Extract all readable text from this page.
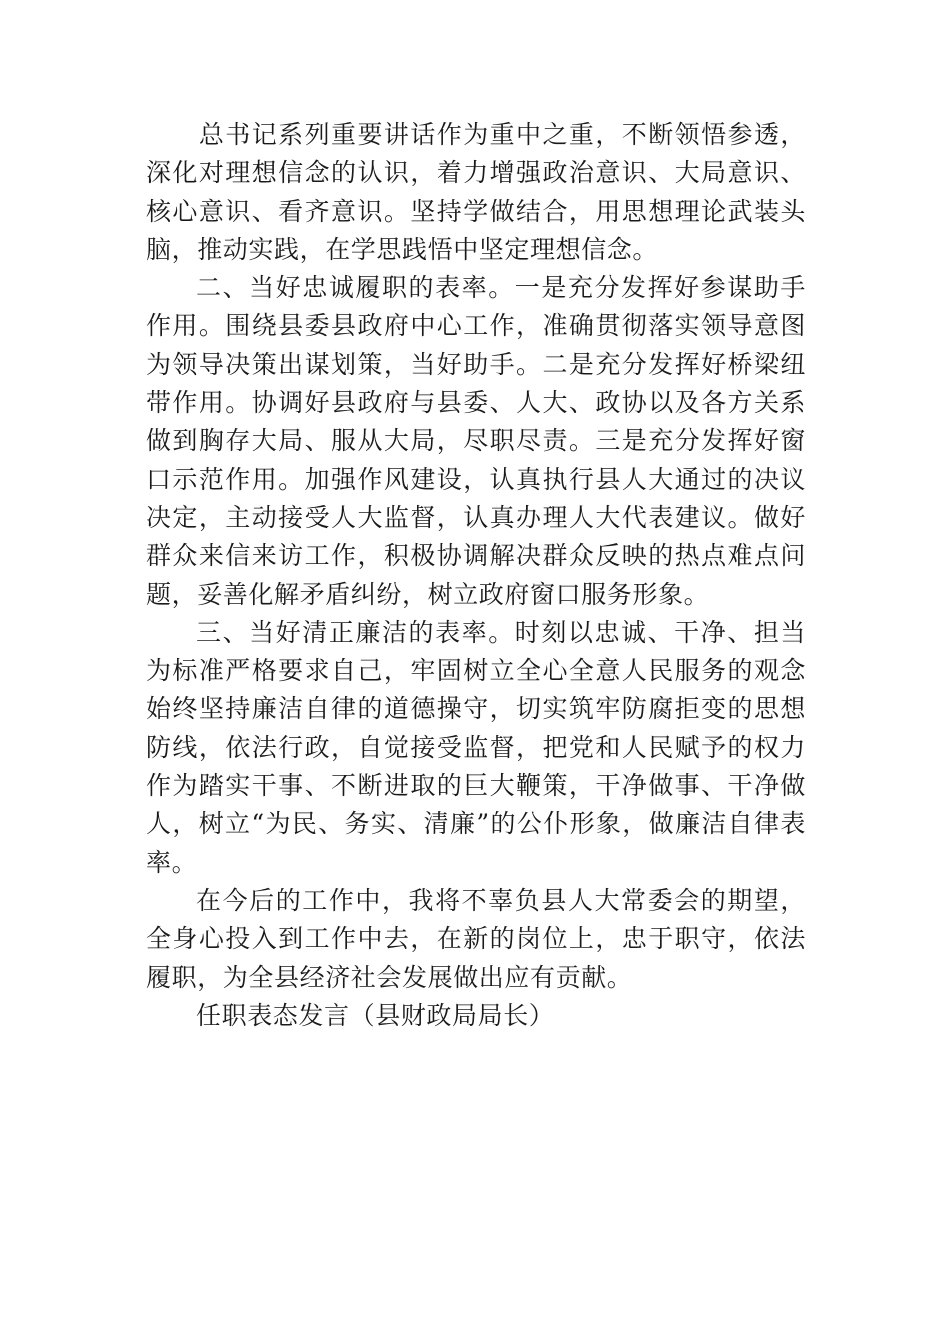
　　总书记系列重要讲话作为重中之重，不断领悟参透，深化对理想信念的认识，着力增强政治意识、大局意识、核心意识、看齐意识。坚持学做结合，用思想理论武装头脑，推动实践，在学思践悟中坚定理想信念。

二、当好忠诚履职的表率。一是充分发挥好参谋助手作用。围绕县委县政府中心工作，准确贯彻落实领导意图为领导决策出谋划策，当好助手。二是充分发挥好桥梁纽带作用。协调好县政府与县委、人大、政协以及各方关系做到胸存大局、服从大局，尽职尽责。三是充分发挥好窗口示范作用。加强作风建设，认真执行县人大通过的决议决定，主动接受人大监督，认真办理人大代表建议。做好群众来信来访工作，积极协调解决群众反映的热点难点问题，妥善化解矛盾纠纷，树立政府窗口服务形象。

三、当好清正廉洁的表率。时刻以忠诚、干净、担当为标准严格要求自己，牢固树立全心全意人民服务的观念始终坚持廉洁自律的道德操守，切实筑牢防腐拒变的思想防线，依法行政，自觉接受监督，把党和人民赋予的权力作为踏实干事、不断进取的巨大鞭策，干净做事、干净做人，树立“为民、务实、清廉”的公仆形象，做廉洁自律表率。

在今后的工作中，我将不辜负县人大常委会的期望，全身心投入到工作中去，在新的岗位上，忠于职守，依法履职，为全县经济社会发展做出应有贡献。

任职表态发言（县财政局局长）
